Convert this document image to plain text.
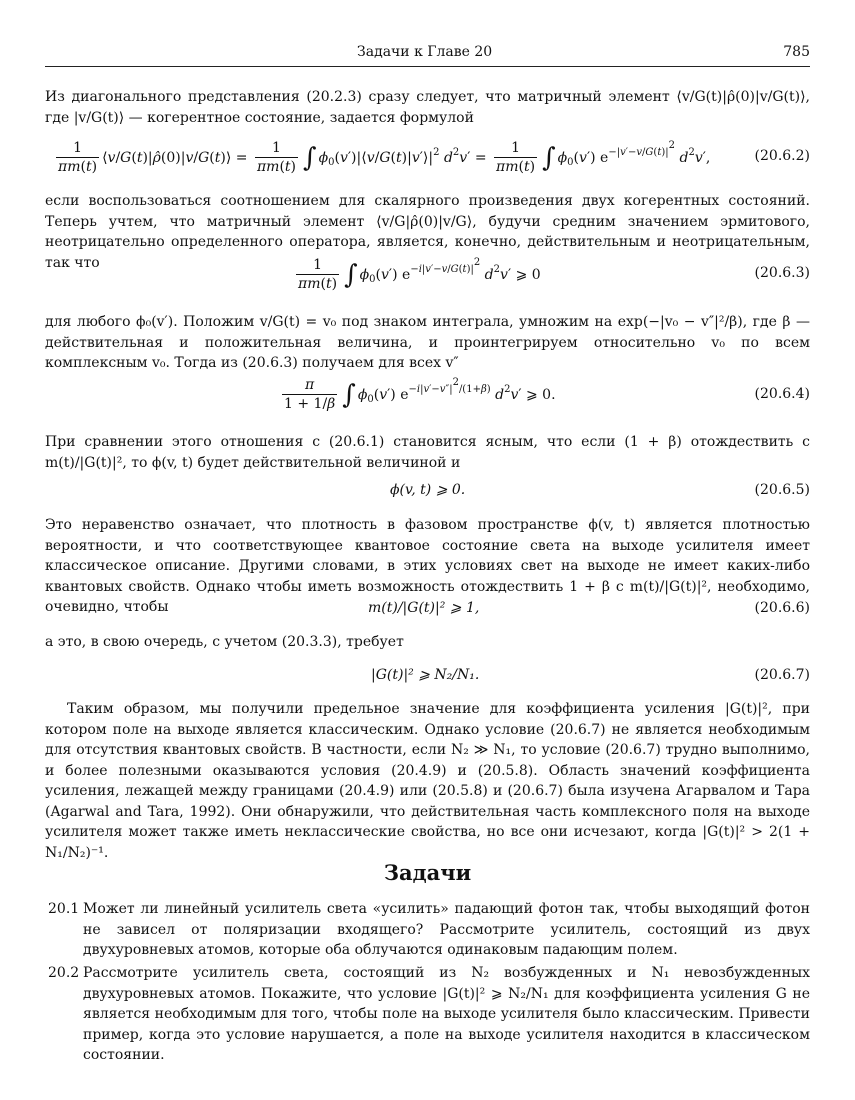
Задачи к Главе 20	785

Из диагонального представления (20.2.3) сразу следует, что матричный элемент ⟨v/G(t)|ρ̂(0)|v/G(t)⟩, где |v/G(t)⟩ — когерентное состояние, задается формулой

$\frac{1}{\pi m(t)}$ ⟨v/G(t)|ρ̂(0)|v/G(t)⟩ = $\frac{1}{\pi m(t)}$ ∫ $\phi_0(v')|⟨v/G(t)|v'⟩|^2$ $d^2v' = \frac{1}{\pi m(t)}$ ∫ $\phi_0(v')$ $e^{-|v'-v/G(t)|^2}$ $d^2v'$,	(20.6.2)

если воспользоваться соотношением для скалярного произведения двух когерентных состояний. Теперь учтем, что матричный элемент ⟨v/G|ρ̂(0)|v/G⟩, будучи средним значением эрмитового, неотрицательно определенного оператора, является, конечно, действительным и неотрицательным, так что	$\frac{1}{\pi m(t)}$ ∫ $\phi_0(v')$ $e^{-i|v'-v/G(t)|^2}$ $d^2v'$ ⩾ 0	(20.6.3)

для любого ϕ₀(v′). Положим v/G(t) = v₀ под знаком интеграла, умножим на exp(−|v₀ − v″|²/β), где β — действительная и положительная величина, и проинтегрируем относительно v₀ по всем комплексным v₀. Тогда из (20.6.3) получаем для всех v″

$\frac{\pi}{1 + 1/\beta}$ ∫ $\phi_0(v')$ $e^{-i|v'-v''|^2/(1+\beta)}$ $d^2v'$ ⩾ 0.	(20.6.4)

При сравнении этого отношения с (20.6.1) становится ясным, что если (1 + β) отождествить с m(t)/|G(t)|², то ϕ(v, t) будет действительной величиной и

ϕ(v, t) ⩾ 0.	(20.6.5)

Это неравенство означает, что плотность в фазовом пространстве ϕ(v, t) является плотностью вероятности, и что соответствующее квантовое состояние света на выходе усилителя имеет классическое описание. Другими словами, в этих условиях свет на выходе не имеет каких-либо квантовых свойств. Однако чтобы иметь возможность отождествить 1 + β с m(t)/|G(t)|², необходимо, очевидно, чтобы	m(t)/|G(t)|² ⩾ 1,	(20.6.6)

а это, в свою очередь, с учетом (20.3.3), требует

|G(t)|² ⩾ N₂/N₁.	(20.6.7)

Таким образом, мы получили предельное значение для коэффициента усиления |G(t)|², при котором поле на выходе является классическим. Однако условие (20.6.7) не является необходимым для отсутствия квантовых свойств. В частности, если N₂ ≫ N₁, то условие (20.6.7) трудно выполнимо, и более полезными оказываются условия (20.4.9) и (20.5.8). Область значений коэффициента усиления, лежащей между границами (20.4.9) или (20.5.8) и (20.6.7) была изучена Агарвалом и Тара (Agarwal and Tara, 1992). Они обнаружили, что действительная часть комплексного поля на выходе усилителя может также иметь неклассические свойства, но все они исчезают, когда |G(t)|² > 2(1 + N₁/N₂)⁻¹.

Задачи
20.1 Может ли линейный усилитель света «усилить» падающий фотон так, чтобы выходящий фотон не зависел от поляризации входящего? Рассмотрите усилитель, состоящий из двух двухуровневых атомов, которые оба облучаются одинаковым падающим полем.
20.2 Рассмотрите усилитель света, состоящий из N₂ возбужденных и N₁ невозбужденных двухуровневых атомов. Покажите, что условие |G(t)|² ⩾ N₂/N₁ для коэффициента усиления G не является необходимым для того, чтобы поле на выходе усилителя было классическим. Привести пример, когда это условие нарушается, а поле на выходе усилителя находится в классическом состоянии.
